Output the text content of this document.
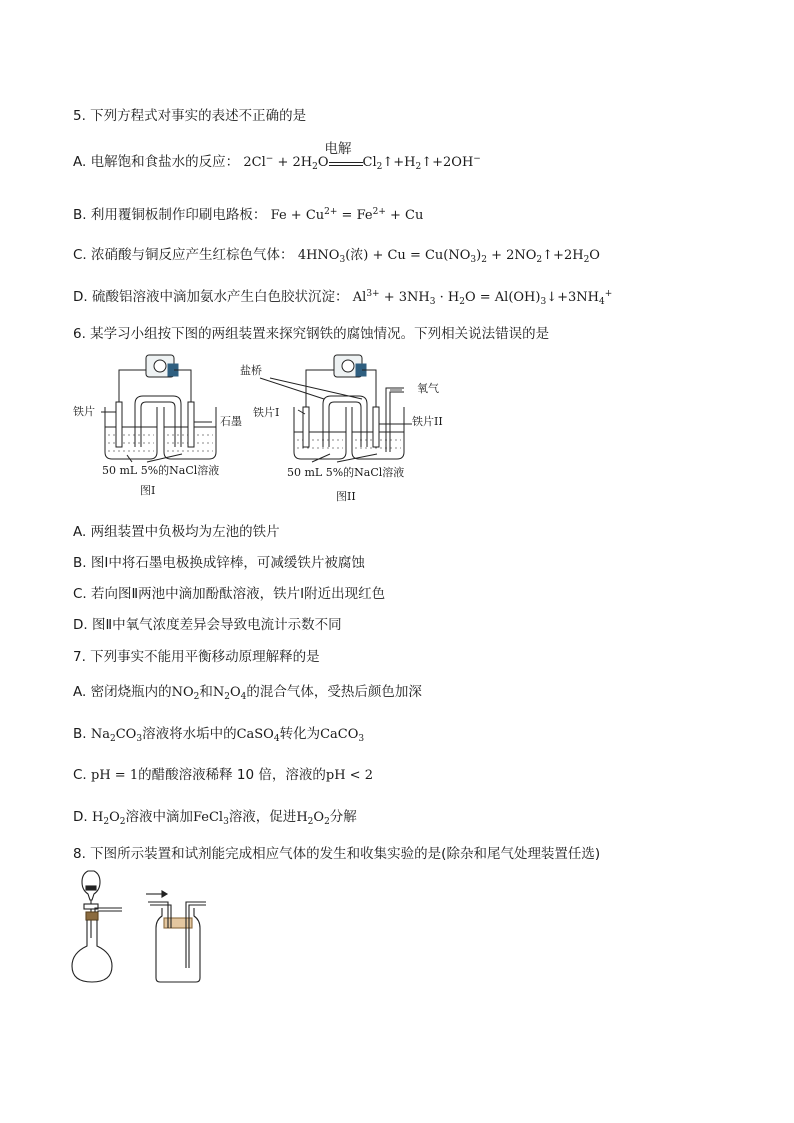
5. 下列方程式对事实的表述不正确的是
A. 电解饱和食盐水的反应： $2Cl^- + 2H_2O$
电解
$Cl_2↑+H_2↑+2OH^-$
B. 利用覆铜板制作印刷电路板： $Fe + Cu^{2+} = Fe^{2+} + Cu$
C. 浓硝酸与铜反应产生红棕色气体： $4HNO_3$(浓) + $Cu = Cu(NO_3)_2$ + $2NO_2↑+2H_2O$
D. 硫酸铝溶液中滴加氨水产生白色胶状沉淀： $Al^{3+} + 3NH_3 \cdot H_2O$ = $Al(OH)_3↓+3NH_4^+$
6. 某学习小组按下图的两组装置来探究钢铁的腐蚀情况。下列相关说法错误的是
铁片
石墨
50 mL 5%的NaCl溶液
图I
盐桥
氧气
铁片I
铁片II
50 mL 5%的NaCl溶液
图II
A. 两组装置中负极均为左池的铁片
B. 图Ⅰ中将石墨电极换成锌棒，可减缓铁片被腐蚀
C. 若向图Ⅱ两池中滴加酚酞溶液，铁片Ⅰ附近出现红色
D. 图Ⅱ中氧气浓度差异会导致电流计示数不同
7. 下列事实不能用平衡移动原理解释的是
A. 密闭烧瓶内的$NO_2$和$N_2O_4$的混合气体，受热后颜色加深
B. $Na_2CO_3$溶液将水垢中的CaSO$_4$转化为CaCO$_3$
C. pH = 1的醋酸溶液稀释 10 倍，溶液的pH < 2
D. $H_2O_2$溶液中滴加FeCl$_3$溶液，促进$H_2O_2$分解
8. 下图所示装置和试剂能完成相应气体的发生和收集实验的是(除杂和尾气处理装置任选)
